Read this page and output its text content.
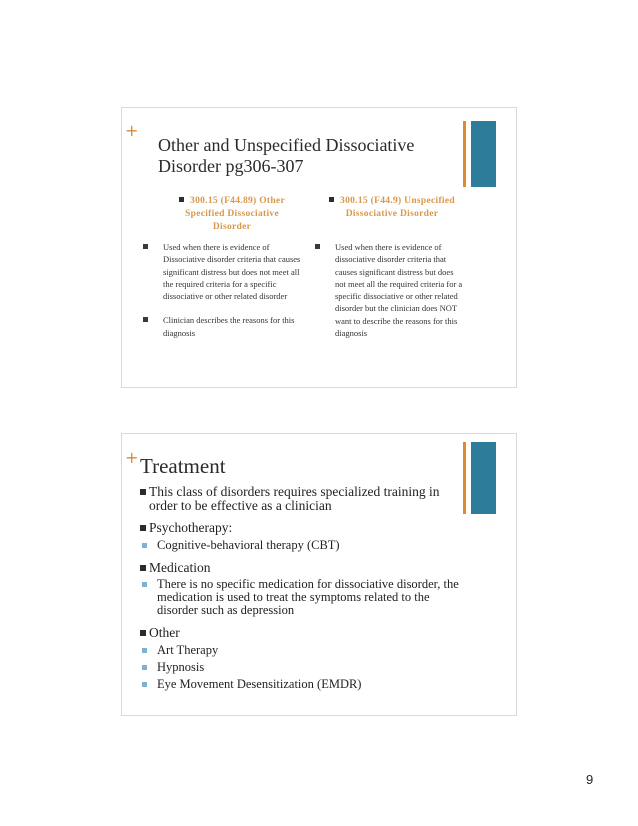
+
Other and Unspecified Dissociative Disorder pg306-307
300.15 (F44.89) Other Specified Dissociative Disorder
300.15 (F44.9) Unspecified Dissociative Disorder
Used when there is evidence of Dissociative disorder criteria that causes significant distress but does not meet all the required criteria for a specific dissociative or other related disorder
Clinician describes the reasons for this diagnosis
Used when there is evidence of dissociative disorder criteria that causes significant distress but does not meet all the required criteria for a specific dissociative or other related disorder but the clinician does NOT want to describe the reasons for this diagnosis
+ Treatment
This class of disorders requires specialized training in order to be effective as a clinician
Psychotherapy:
Cognitive-behavioral therapy (CBT)
Medication
There is no specific medication for dissociative disorder, the medication is used to treat the symptoms related to the disorder such as depression
Other
Art Therapy
Hypnosis
Eye Movement Desensitization (EMDR)
9
